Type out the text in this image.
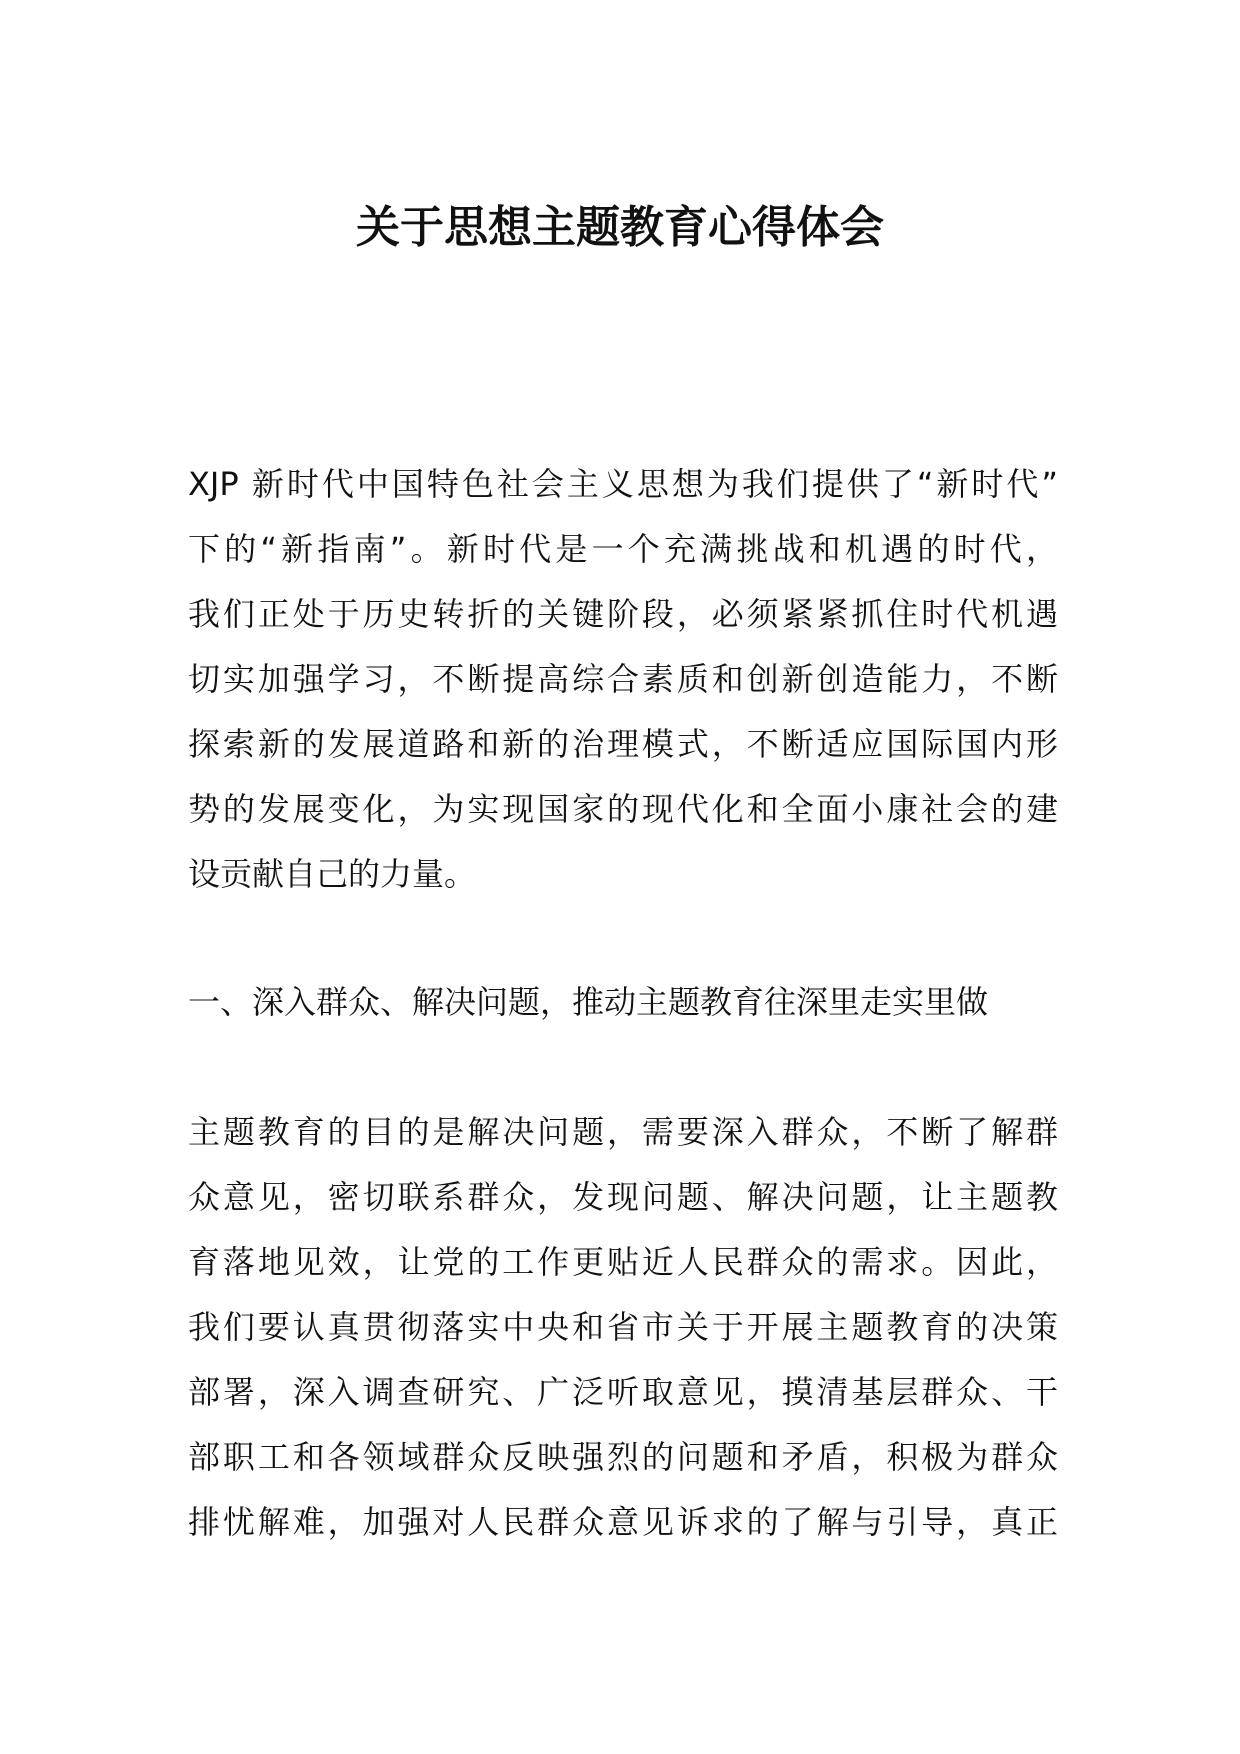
关于思想主题教育心得体会
XJP 新时代中国特色社会主义思想为我们提供了“新时代”
下的“新指南”。新时代是一个充满挑战和机遇的时代，
我们正处于历史转折的关键阶段，必须紧紧抓住时代机遇
切实加强学习，不断提高综合素质和创新创造能力，不断
探索新的发展道路和新的治理模式，不断适应国际国内形
势的发展变化，为实现国家的现代化和全面小康社会的建
设贡献自己的力量。
一、深入群众、解决问题，推动主题教育往深里走实里做
主题教育的目的是解决问题，需要深入群众，不断了解群
众意见，密切联系群众，发现问题、解决问题，让主题教
育落地见效，让党的工作更贴近人民群众的需求。因此，
我们要认真贯彻落实中央和省市关于开展主题教育的决策
部署，深入调查研究、广泛听取意见，摸清基层群众、干
部职工和各领域群众反映强烈的问题和矛盾，积极为群众
排忧解难，加强对人民群众意见诉求的了解与引导，真正
